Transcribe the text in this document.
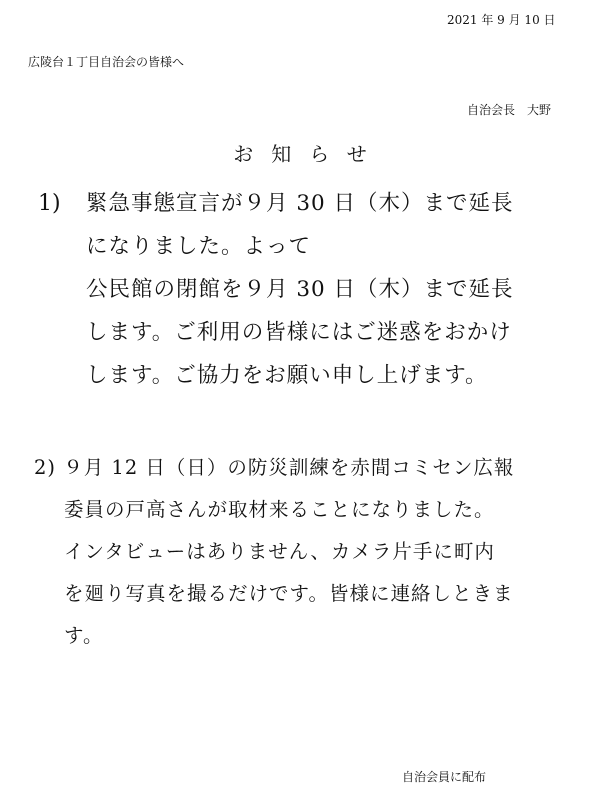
2021 年 9 月 10 日
広陵台１丁目自治会の皆様へ
自治会長　大野
お知らせ
1) 緊急事態宣言が９月 30 日（木）まで延長
になりました。よって
公民館の閉館を９月 30 日（木）まで延長
します。ご利用の皆様にはご迷惑をおかけ
します。ご協力をお願い申し上げます。
2) ９月 12 日（日）の防災訓練を赤間コミセン広報
委員の戸高さんが取材来ることになりました。
インタビューはありません、カメラ片手に町内
を廻り写真を撮るだけです。皆様に連絡しときま
す。
自治会員に配布
